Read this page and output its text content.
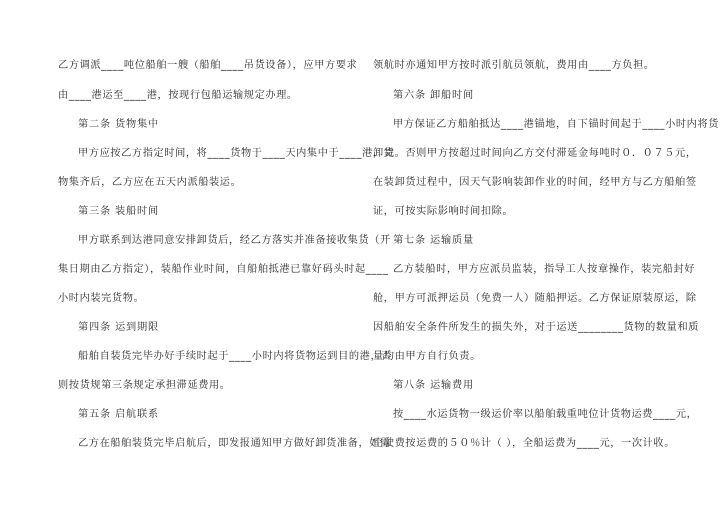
乙方调派____吨位船舶一艘（船舶____吊货设备），应甲方要求
由____港运至____港，按现行包船运输规定办理。
第二条 货物集中
甲方应按乙方指定时间，将____货物于____天内集中于____港，货
物集齐后，乙方应在五天内派船装运。
第三条 装船时间
甲方联系到达港同意安排卸货后，经乙方落实并准备接收集货（开
集日期由乙方指定），装船作业时间，自船舶抵港已靠好码头时起____
小时内装完货物。
第四条 运到期限
船舶自装货完毕办好手续时起于____小时内将货物运到目的港，否
则按货规第三条规定承担滞延费用。
第五条 启航联系
乙方在船舶装货完毕启航后，即发报通知甲方做好卸货准备，如需
领航时亦通知甲方按时派引航员领航，费用由____方负担。
第六条 卸船时间
甲方保证乙方船舶抵达____港锚地，自下锚时间起于____小时内将货
卸完。否则甲方按超过时间向乙方交付滞延金每吨时０．０７５元，
在装卸货过程中，因天气影响装卸作业的时间，经甲方与乙方船舶签
证，可按实际影响时间扣除。
第七条 运输质量
乙方装船时，甲方应派员监装，指导工人按章操作，装完船封好
舱，甲方可派押运员（免费一人）随船押运。乙方保证原装原运，除
因船舶安全条件所发生的损失外，对于运送________货物的数量和质
量均由甲方自行负责。
第八条 运输费用
按____水运货物一级运价率以船舶载重吨位计货物运费____元，
空驶费按运费的５０％计（ ），全船运费为____元，一次计收。
